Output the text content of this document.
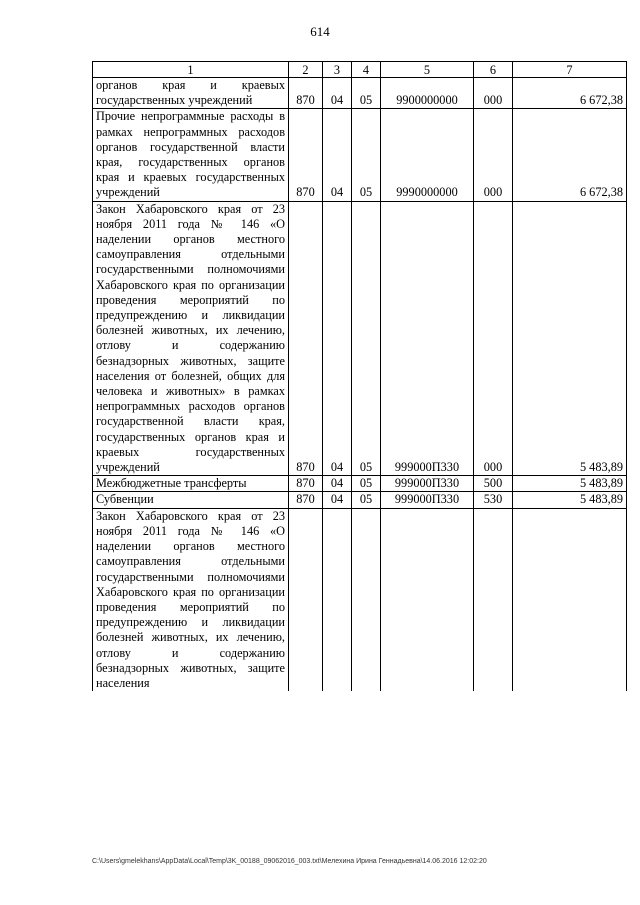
614
1	2	3	4	5	6	7
органов края и краевых государственных учреждений	870	04	05	9900000000	000	6 672,38
Прочие непрограммные расходы в рамках непрограммных расходов органов государственной власти края, государственных органов края и краевых государственных учреждений	870	04	05	9990000000	000	6 672,38
Закон Хабаровского края от 23 ноября 2011 года № 146 «О наделении органов местного самоуправления отдельными государственными полномочиями Хабаровского края по организации проведения мероприятий по предупреждению и ликвидации болезней животных, их лечению, отлову и содержанию безнадзорных животных, защите населения от болезней, общих для человека и животных» в рамках непрограммных расходов органов государственной власти края, государственных органов края и краевых государственных учреждений	870	04	05	999000П330	000	5 483,89
Межбюджетные трансферты	870	04	05	999000П330	500	5 483,89
Субвенции	870	04	05	999000П330	530	5 483,89
Закон Хабаровского края от 23 ноября 2011 года № 146 «О наделении органов местного самоуправления отдельными государственными полномочиями Хабаровского края по организации проведения мероприятий по предупреждению и ликвидации болезней животных, их лечению, отлову и содержанию безнадзорных животных, защите населения						
C:\Users\gmelekhans\AppData\Local\Temp\3K_00188_09062016_003.txt\Мелехина Ирина Геннадьевна\14.06.2016 12:02:20
